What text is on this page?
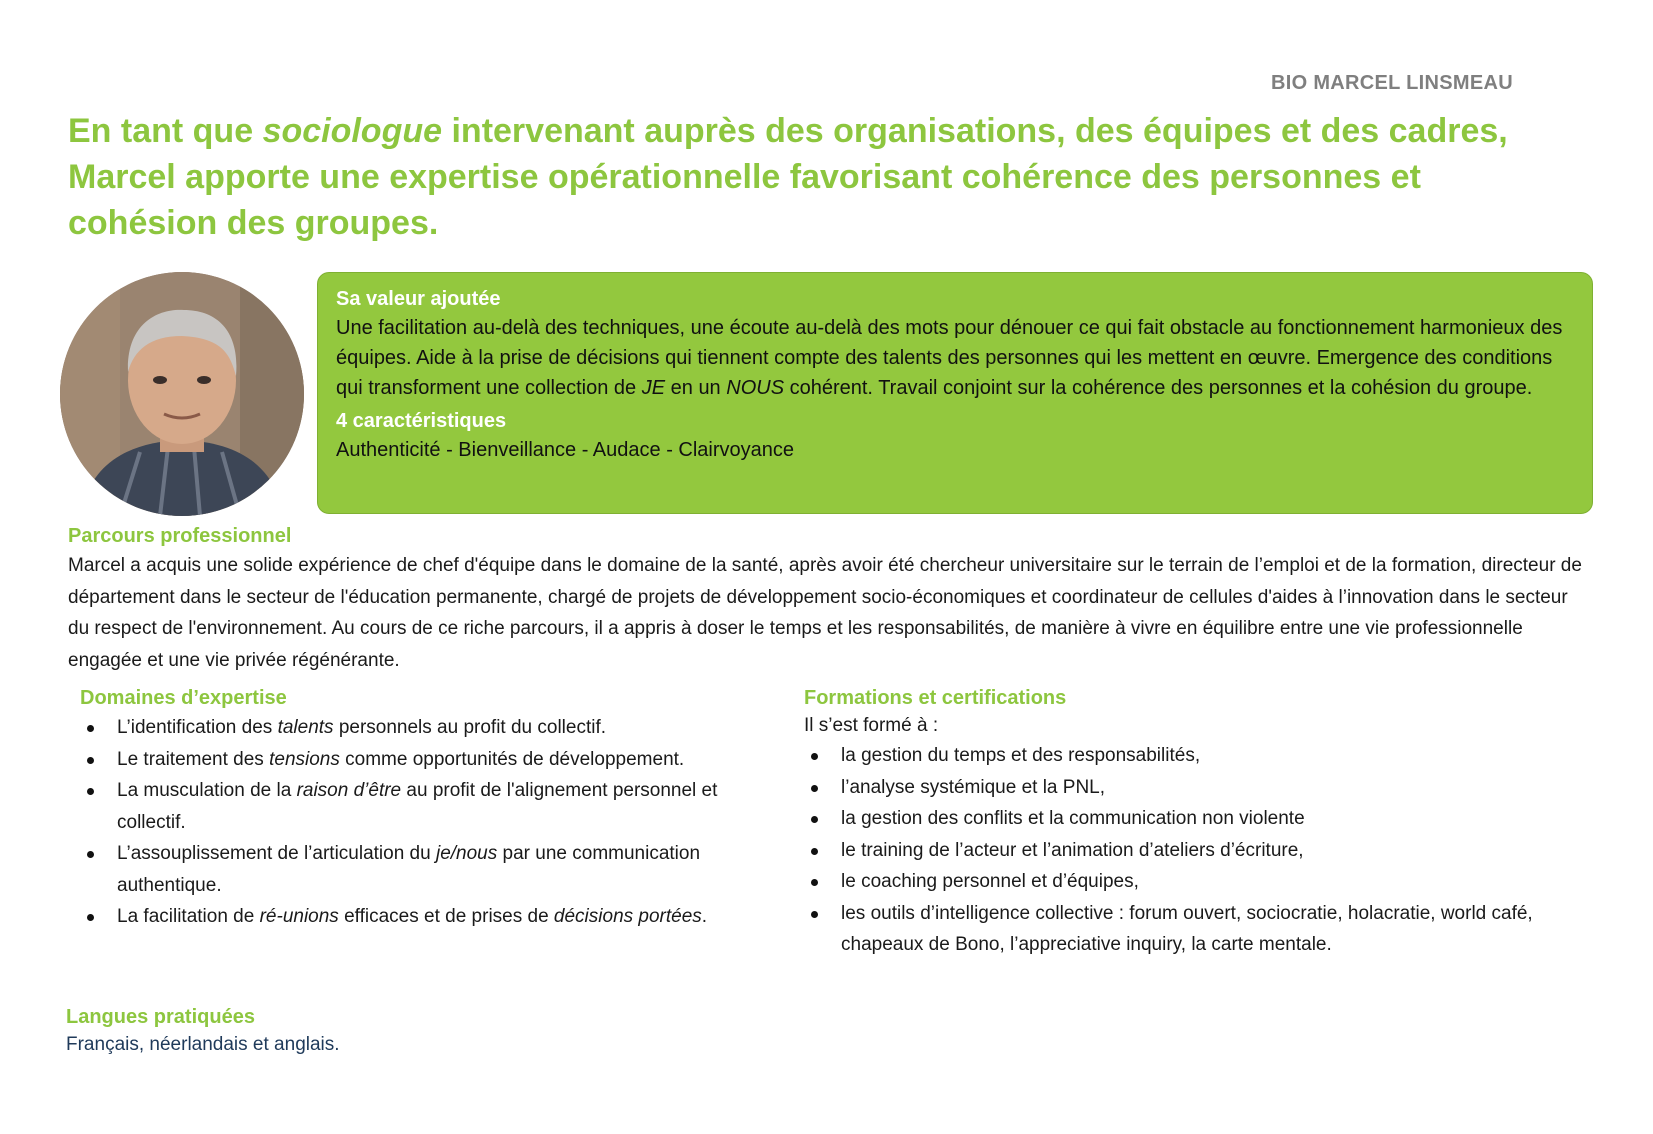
BIO MARCEL LINSMEAU
En tant que sociologue intervenant auprès des organisations, des équipes et des cadres, Marcel apporte une expertise opérationnelle favorisant cohérence des personnes et cohésion des groupes.
Sa valeur ajoutée
Une facilitation au-delà des techniques, une écoute au-delà des mots pour dénouer ce qui fait obstacle au fonctionnement harmonieux des équipes. Aide à la prise de décisions qui tiennent compte des talents des personnes qui les mettent en œuvre. Emergence des conditions qui transforment une collection de JE en un NOUS cohérent. Travail conjoint sur la cohérence des personnes et la cohésion du groupe.
4 caractéristiques
Authenticité - Bienveillance - Audace - Clairvoyance
Parcours professionnel
Marcel a acquis une solide expérience de chef d'équipe dans le domaine de la santé, après avoir été chercheur universitaire sur le terrain de l’emploi et de la formation, directeur de département dans le secteur de l'éducation permanente, chargé de projets de développement socio-économiques et coordinateur de cellules d'aides à l’innovation dans le secteur du respect de l'environnement. Au cours de ce riche parcours, il a appris à doser le temps et les responsabilités, de manière à vivre en équilibre entre une vie professionnelle engagée et une vie privée régénérante.
Domaines d’expertise
L’identification des talents personnels au profit du collectif.
Le traitement des tensions comme opportunités de développement.
La musculation de la raison d’être au profit de l'alignement personnel et collectif.
L’assouplissement de l’articulation du je/nous par une communication authentique.
La facilitation de ré-unions efficaces et de prises de décisions portées.
Formations et certifications
Il s’est formé à :
la gestion du temps et des responsabilités,
l’analyse systémique et la PNL,
la gestion des conflits et la communication non violente
le training de l’acteur et l’animation d’ateliers d’écriture,
le coaching personnel et d’équipes,
les outils d’intelligence collective : forum ouvert, sociocratie, holacratie, world café, chapeaux de Bono, l’appreciative inquiry, la carte mentale.
Langues pratiquées
Français, néerlandais et anglais.
